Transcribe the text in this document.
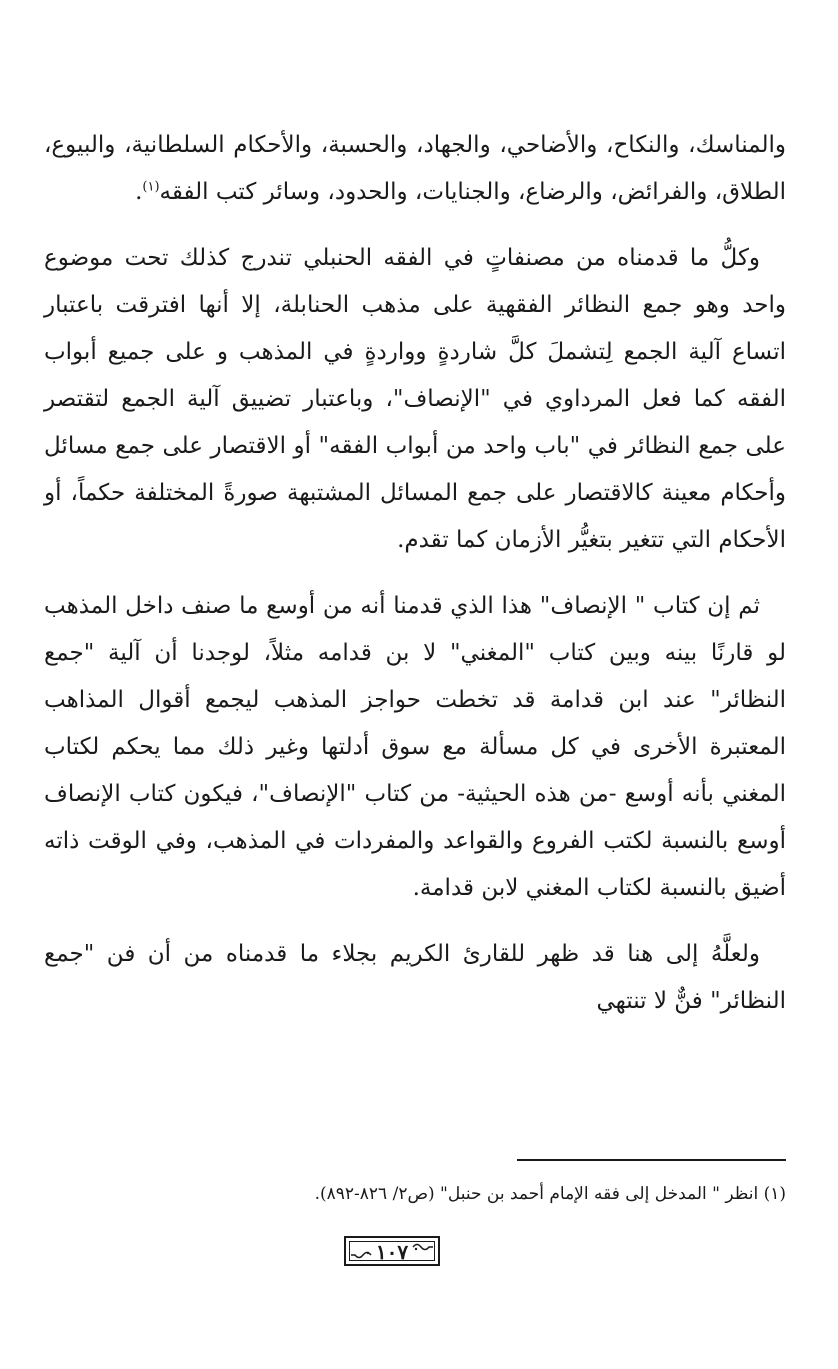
والمناسك، والنكاح، والأضاحي، والجهاد، والحسبة، والأحكام السلطانية، والبيوع، الطلاق، والفرائض، والرضاع، والجنايات، والحدود، وسائر كتب الفقه$^{(١)}$.

وكلُّ ما قدمناه من مصنفاتٍ في الفقه الحنبلي تندرج كذلك تحت موضوع واحد وهو جمع النظائر الفقهية على مذهب الحنابلة، إلا أنها افترقت باعتبار اتساع آلية الجمع لِتشملَ كلَّ شاردةٍ وواردةٍ في المذهب و على جميع أبواب الفقه كما فعل المرداوي في "الإنصاف"، وباعتبار تضييق آلية الجمع لتقتصر على جمع النظائر في "باب واحد من أبواب الفقه" أو الاقتصار على جمع مسائل وأحكام معينة كالاقتصار على جمع المسائل المشتبهة صورةً المختلفة حكماً، أو الأحكام التي تتغير بتغيُّر الأزمان كما تقدم.

ثم إن كتاب " الإنصاف" هذا الذي قدمنا أنه من أوسع ما صنف داخل المذهب لو قارنًا بينه وبين كتاب "المغني" لا بن قدامه مثلاً، لوجدنا أن آلية "جمع النظائر" عند ابن قدامة قد تخطت حواجز المذهب ليجمع أقوال المذاهب المعتبرة الأخرى في كل مسألة مع سوق أدلتها وغير ذلك مما يحكم لكتاب المغني بأنه أوسع -من هذه الحيثية- من كتاب "الإنصاف"، فيكون كتاب الإنصاف أوسع بالنسبة لكتب الفروع والقواعد والمفردات في المذهب، وفي الوقت ذاته أضيق بالنسبة لكتاب المغني لابن قدامة.

ولعلَّهُ إلى هنا قد ظهر للقارئ الكريم بجلاء ما قدمناه من أن فن "جمع النظائر" فنٌّ لا تنتهي

(١) انظر " المدخل إلى فقه الإمام أحمد بن حنبل" (ص٢/ ٨٢٦-٨٩٢).
١٠٧
